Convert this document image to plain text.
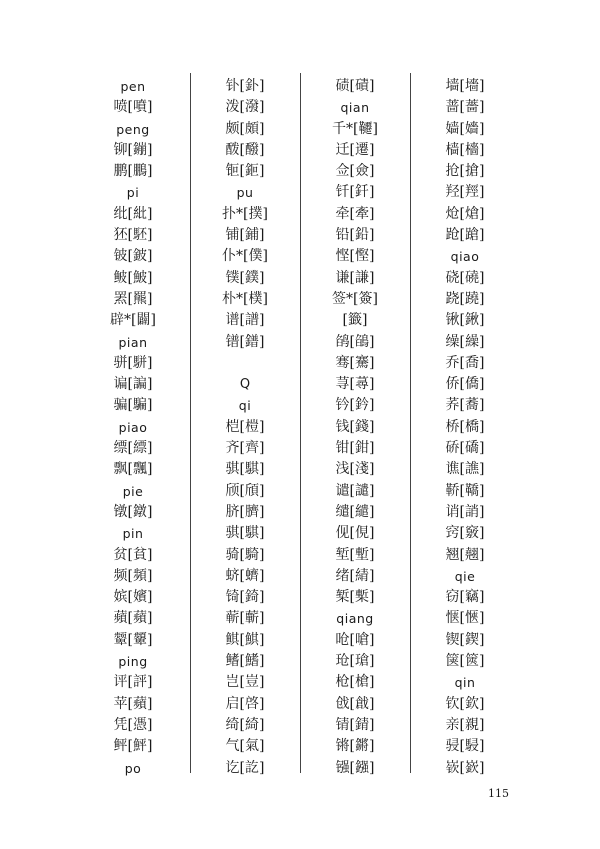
pen
喷[噴]
peng
铆[鏰]
鹏[鵬]
pi
纰[紕]
狉[駓]
铍[鈹]
鲏[鮍]
罴[羆]
辟*[闢]
pian
骈[駢]
谝[諞]
骗[騙]
piao
缥[縹]
飘[飄]
pie
镦[鐓]
pin
贫[貧]
频[頻]
嫔[嬪]
蘋[蘋]
颦[顰]
ping
评[評]
苹[蘋]
凭[憑]
鲆[鮃]
po
钋[釙]
泼[潑]
颇[頗]
酦[醱]
钷[鉕]
pu
扑*[撲]
铺[鋪]
仆*[僕]
镤[鏷]
朴*[樸]
谱[譜]
镨[鐠]
Q
qi
桤[榿]
齐[齊]
骐[騏]
颀[頎]
脐[臍]
骐[騏]
骑[騎]
蛴[蠐]
锜[錡]
蕲[蘄]
鲯[鯕]
鳍[鰭]
岂[豈]
启[啓]
绮[綺]
气[氣]
讫[訖]
碛[磧]
qian
千*[韆]
迁[遷]
佥[僉]
钎[釺]
牵[牽]
铅[鉛]
悭[慳]
谦[謙]
签*[簽]
[籤]
鹐[鵮]
骞[騫]
荨[蕁]
钤[鈐]
钱[錢]
钳[鉗]
浅[淺]
谴[譴]
缱[繾]
伣[俔]
堑[塹]
绪[綪]
椠[槧]
qiang
呛[嗆]
玱[瑲]
枪[槍]
戗[戧]
锖[錆]
锵[鏘]
镪[鏹]
墙[墻]
蔷[薔]
嫱[嬙]
樯[檣]
抢[搶]
羟[羥]
炝[熗]
跄[蹌]
qiao
硗[磽]
跷[蹺]
锹[鍬]
缲[繰]
乔[喬]
侨[僑]
荞[蕎]
桥[橋]
硚[礄]
谯[譙]
鞒[鞽]
诮[誚]
窍[竅]
翘[翹]
qie
窃[竊]
惬[愜]
锲[鍥]
箧[篋]
qin
钦[欽]
亲[親]
骎[駸]
嵚[嶔]
115
